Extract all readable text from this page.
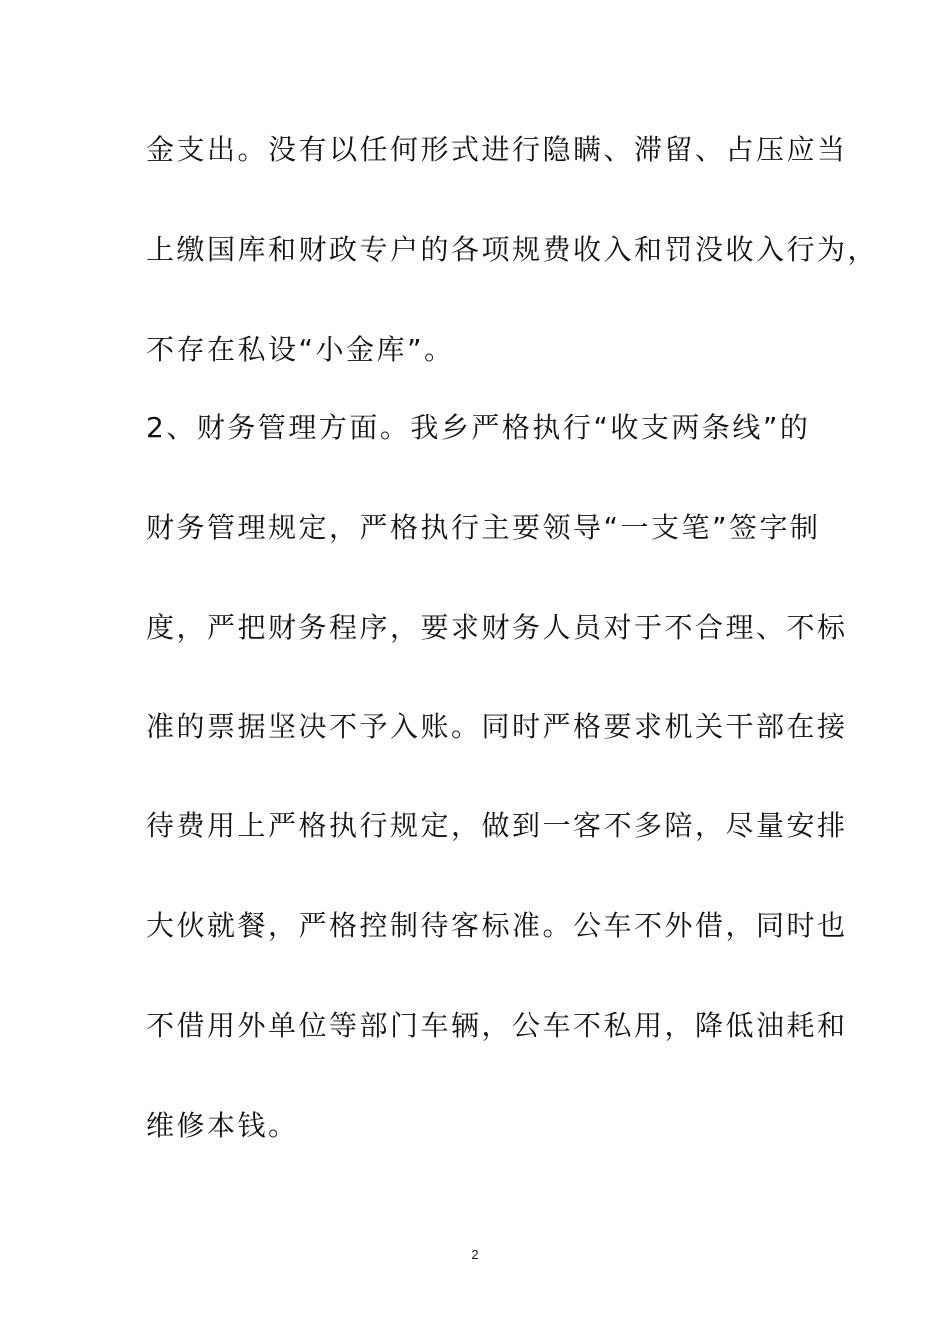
金支出。没有以任何形式进行隐瞒、滞留、占压应当
上缴国库和财政专户的各项规费收入和罚没收入行为，
不存在私设“小金库”。
2、财务管理方面。我乡严格执行“收支两条线”的
财务管理规定，严格执行主要领导“一支笔”签字制
度，严把财务程序，要求财务人员对于不合理、不标
准的票据坚决不予入账。同时严格要求机关干部在接
待费用上严格执行规定，做到一客不多陪，尽量安排
大伙就餐，严格控制待客标准。公车不外借，同时也
不借用外单位等部门车辆，公车不私用，降低油耗和
维修本钱。
2
